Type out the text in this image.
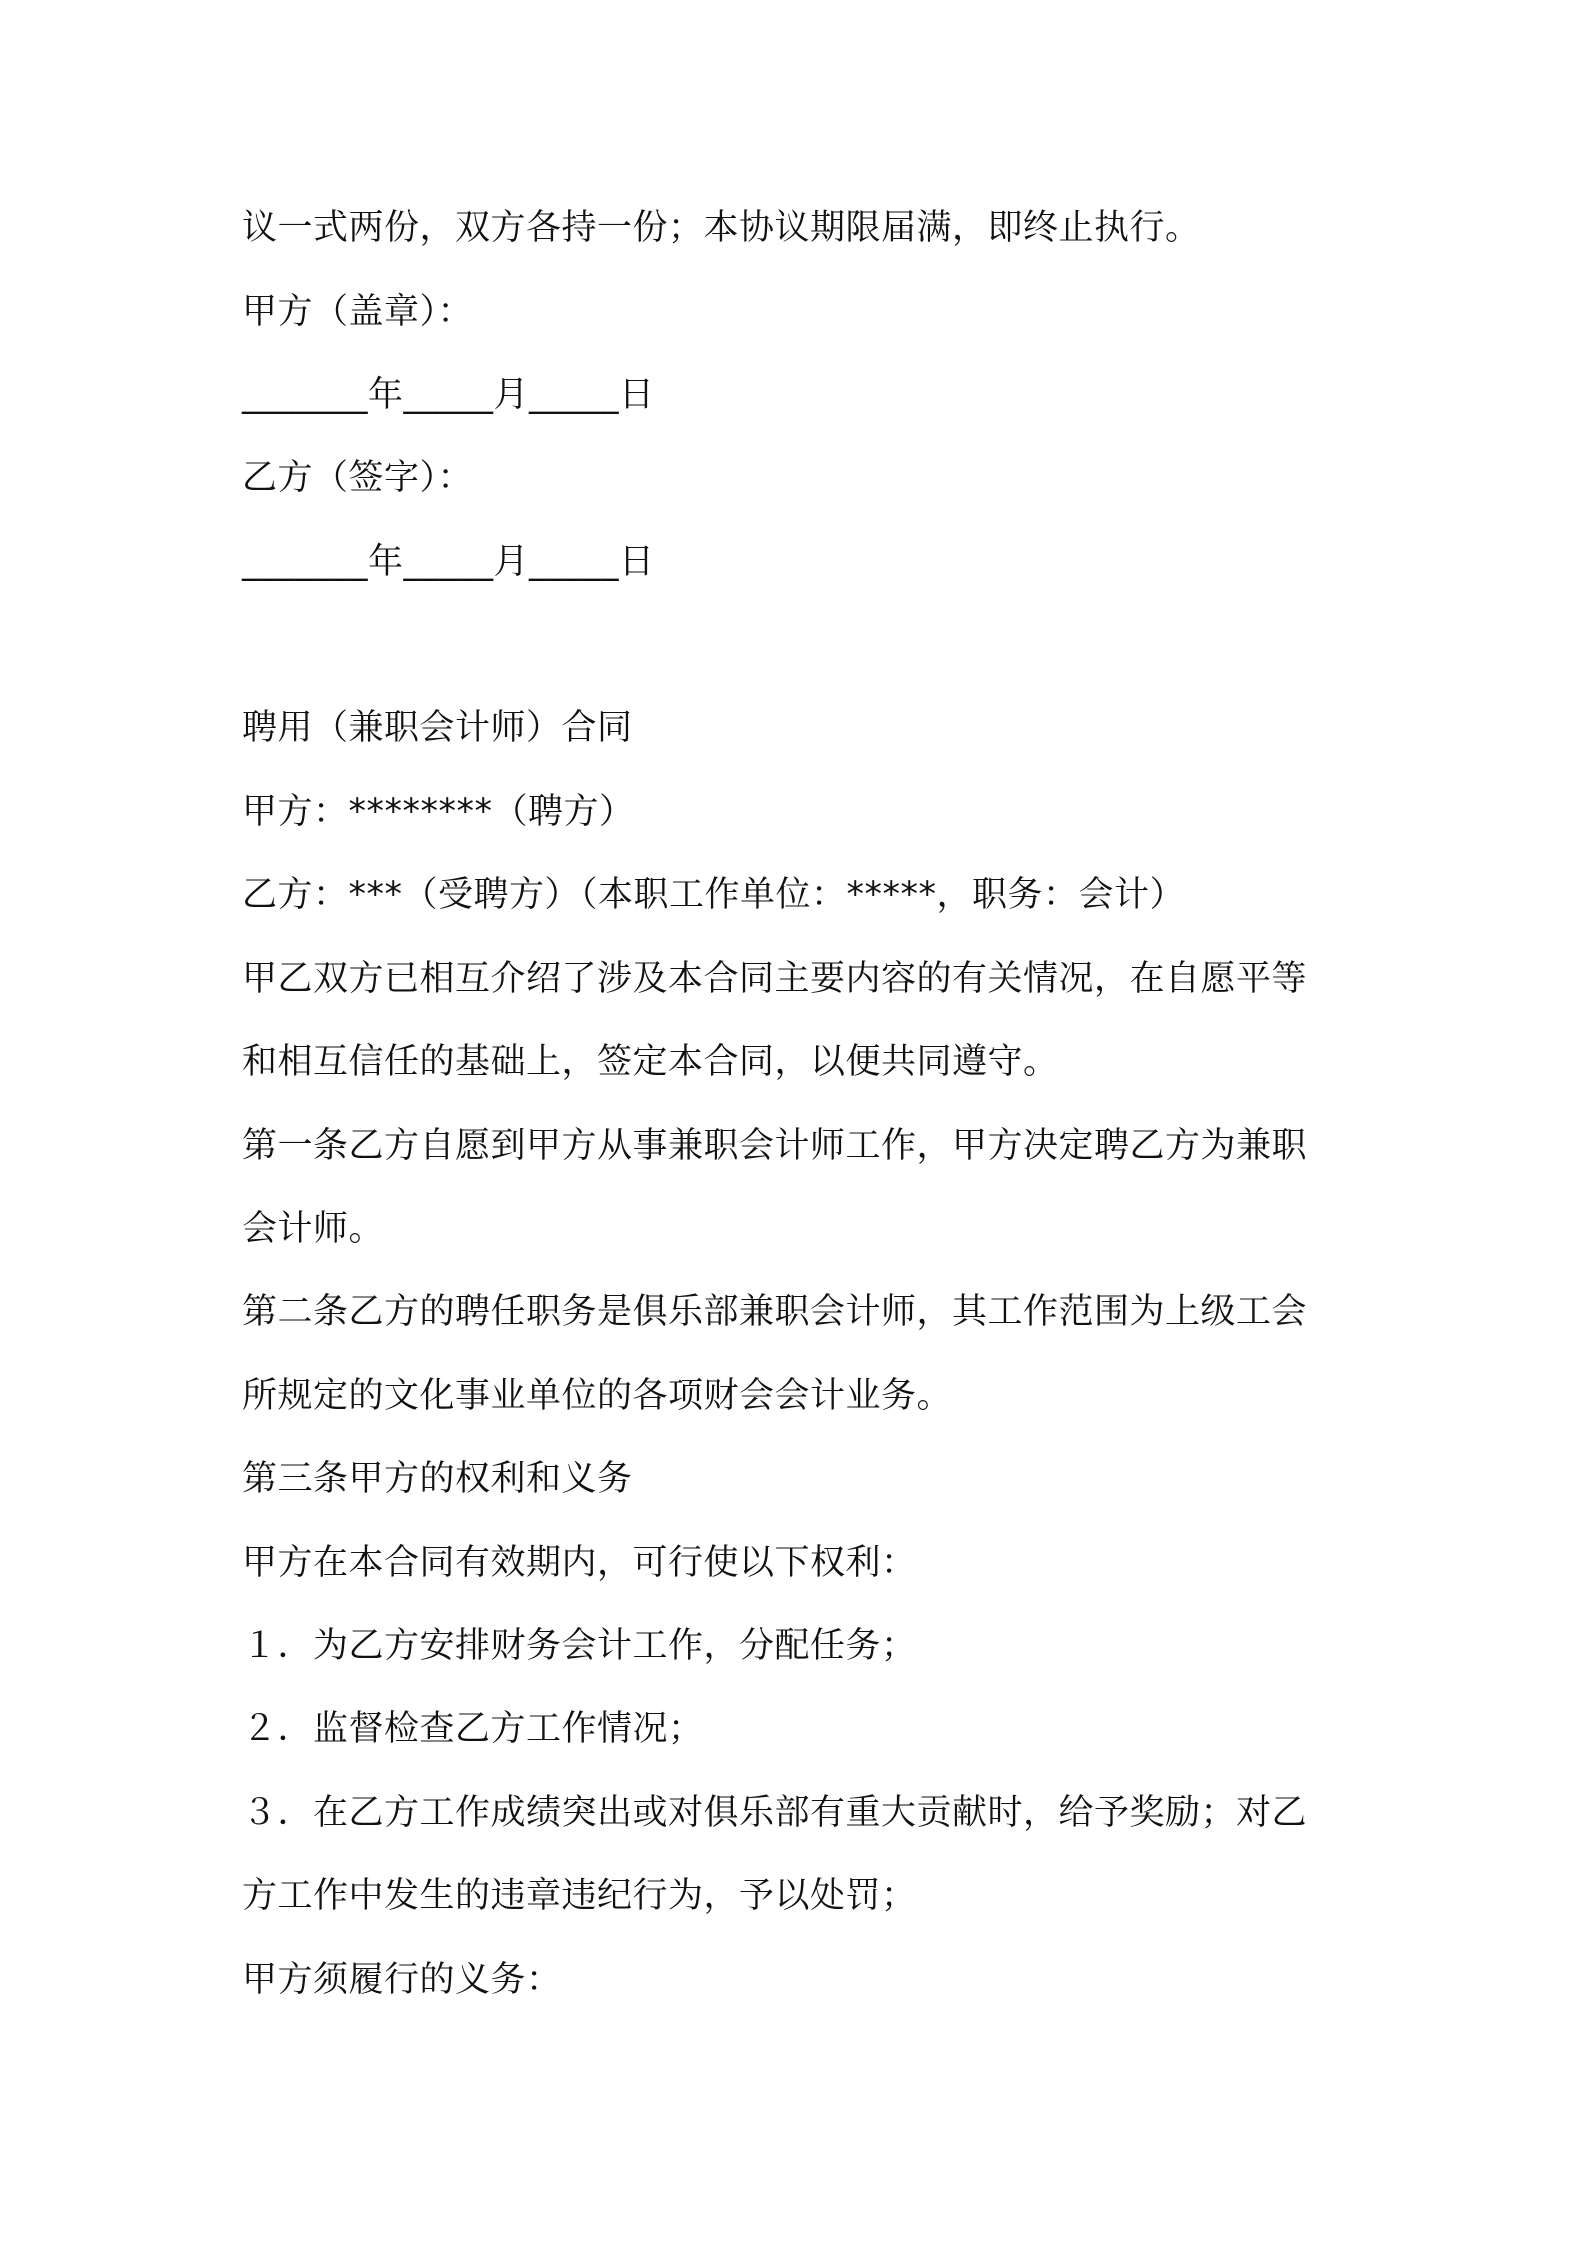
议一式两份，双方各持一份；本协议期限届满，即终止执行。
甲方（盖章）：
_______年_____月_____日
乙方（签字）：
_______年_____月_____日
聘用（兼职会计师）合同
甲方：********（聘方）
乙方：***（受聘方）（本职工作单位：*****，职务：会计）
甲乙双方已相互介绍了涉及本合同主要内容的有关情况，在自愿平等
和相互信任的基础上，签定本合同，以便共同遵守。
第一条乙方自愿到甲方从事兼职会计师工作，甲方决定聘乙方为兼职
会计师。
第二条乙方的聘任职务是俱乐部兼职会计师，其工作范围为上级工会
所规定的文化事业单位的各项财会会计业务。
第三条甲方的权利和义务
甲方在本合同有效期内，可行使以下权利：
１．为乙方安排财务会计工作，分配任务；
２．监督检查乙方工作情况；
３．在乙方工作成绩突出或对俱乐部有重大贡献时，给予奖励；对乙
方工作中发生的违章违纪行为，予以处罚；
甲方须履行的义务：
